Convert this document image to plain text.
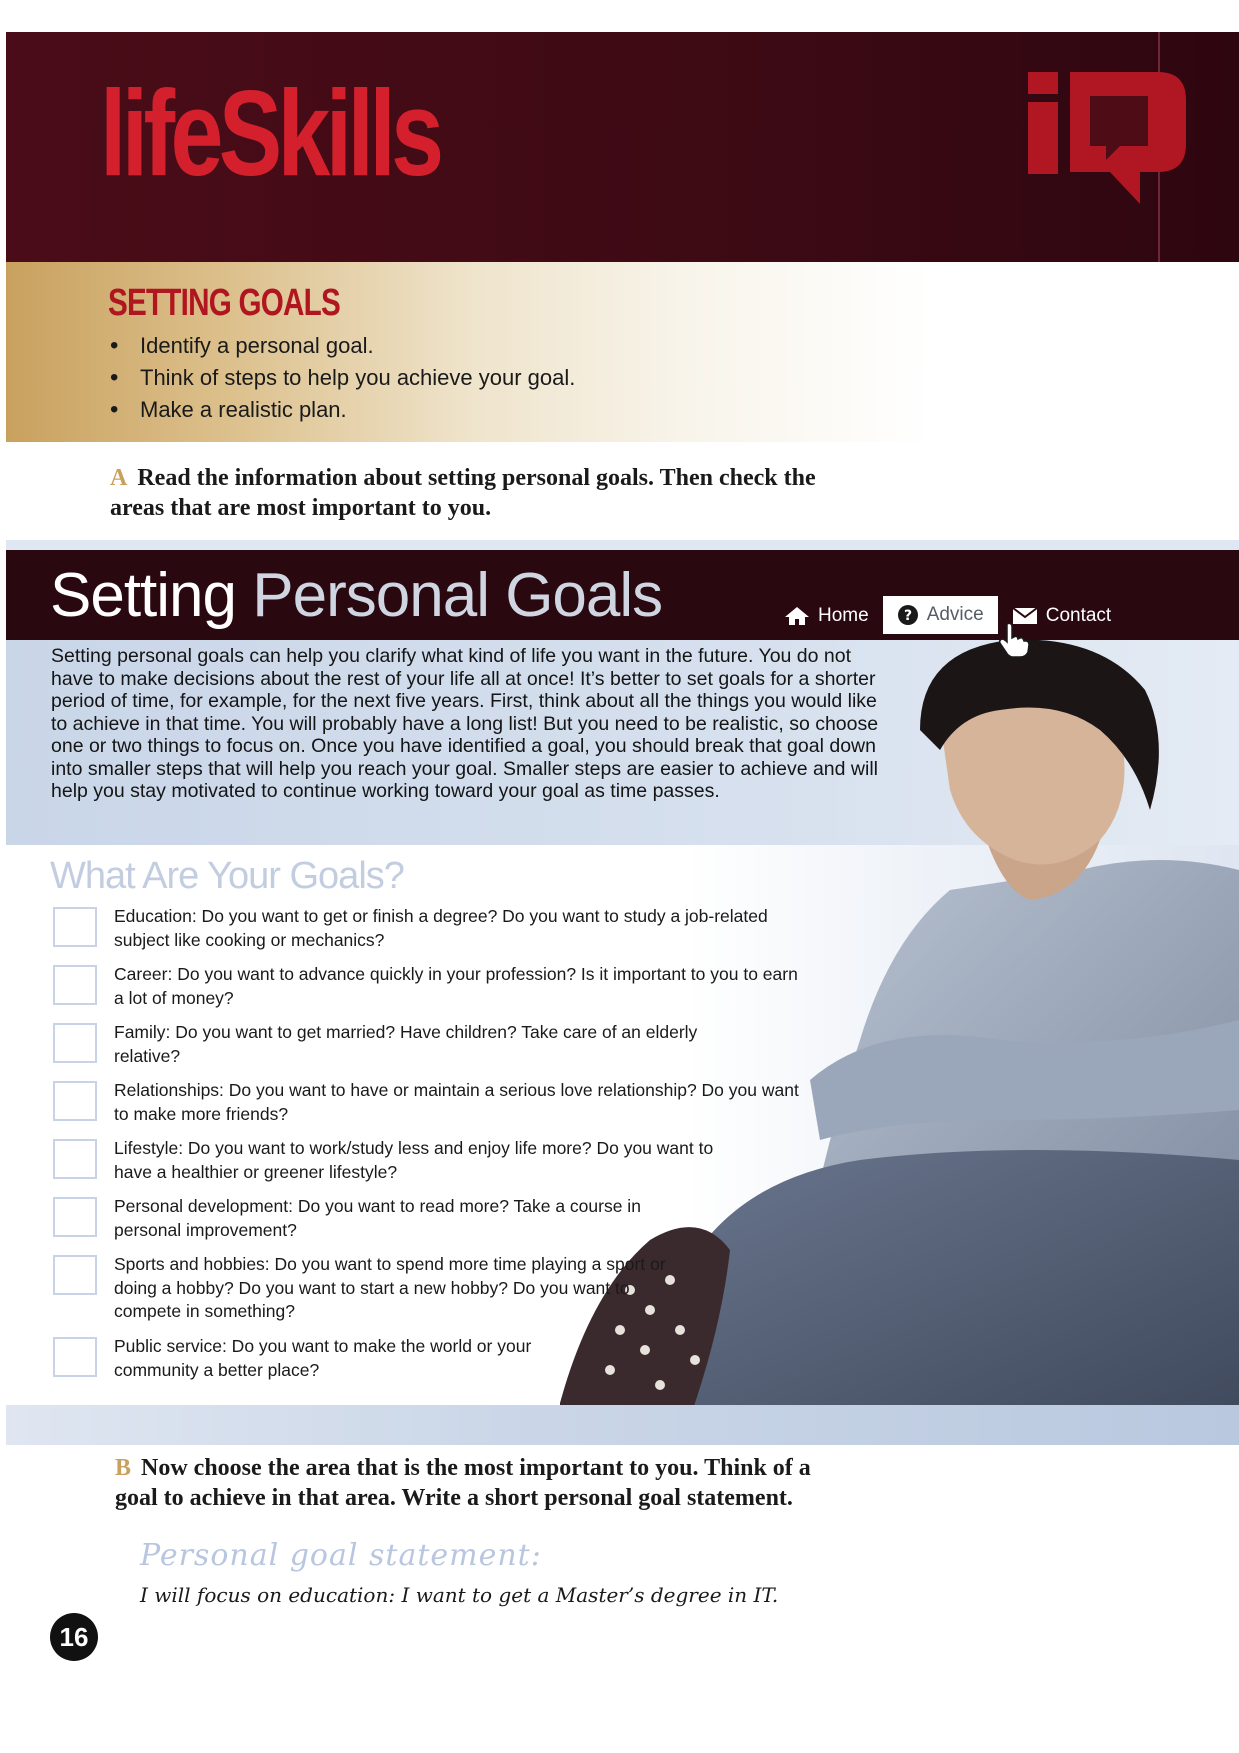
lifeSkills
SETTING GOALS
• Identify a personal goal.
• Think of steps to help you achieve your goal.
• Make a realistic plan.
A Read the information about setting personal goals. Then check the
areas that are most important to you.
Setting Personal Goals	Home ? Advice	Contact
Setting personal goals can help you clarify what kind of life you want in the future. You do not have to make decisions about the rest of your life all at once! It’s better to set goals for a shorter period of time, for example, for the next five years. First, think about all the things you would like to achieve in that time. You will probably have a long list! But you need to be realistic, so choose one or two things to focus on. Once you have identified a goal, you should break that goal down into smaller steps that will help you reach your goal. Smaller steps are easier to achieve and will help you stay motivated to continue working toward your goal as time passes.
What Are Your Goals?
Education: Do you want to get or finish a degree? Do you want to study a job-related subject like cooking or mechanics?
Career: Do you want to advance quickly in your profession? Is it important to you to earn a lot of money?
Family: Do you want to get married? Have children? Take care of an elderly relative?
Relationships: Do you want to have or maintain a serious love relationship? Do you want to make more friends?
Lifestyle: Do you want to work/study less and enjoy life more? Do you want to have a healthier or greener lifestyle?
Personal development: Do you want to read more? Take a course in personal improvement?
Sports and hobbies: Do you want to spend more time playing a sport or doing a hobby? Do you want to start a new hobby? Do you want to compete in something?
Public service: Do you want to make the world or your community a better place?
B Now choose the area that is the most important to you. Think of a
goal to achieve in that area. Write a short personal goal statement.
Personal goal statement:
I will focus on education: I want to get a Master’s degree in IT.
16
